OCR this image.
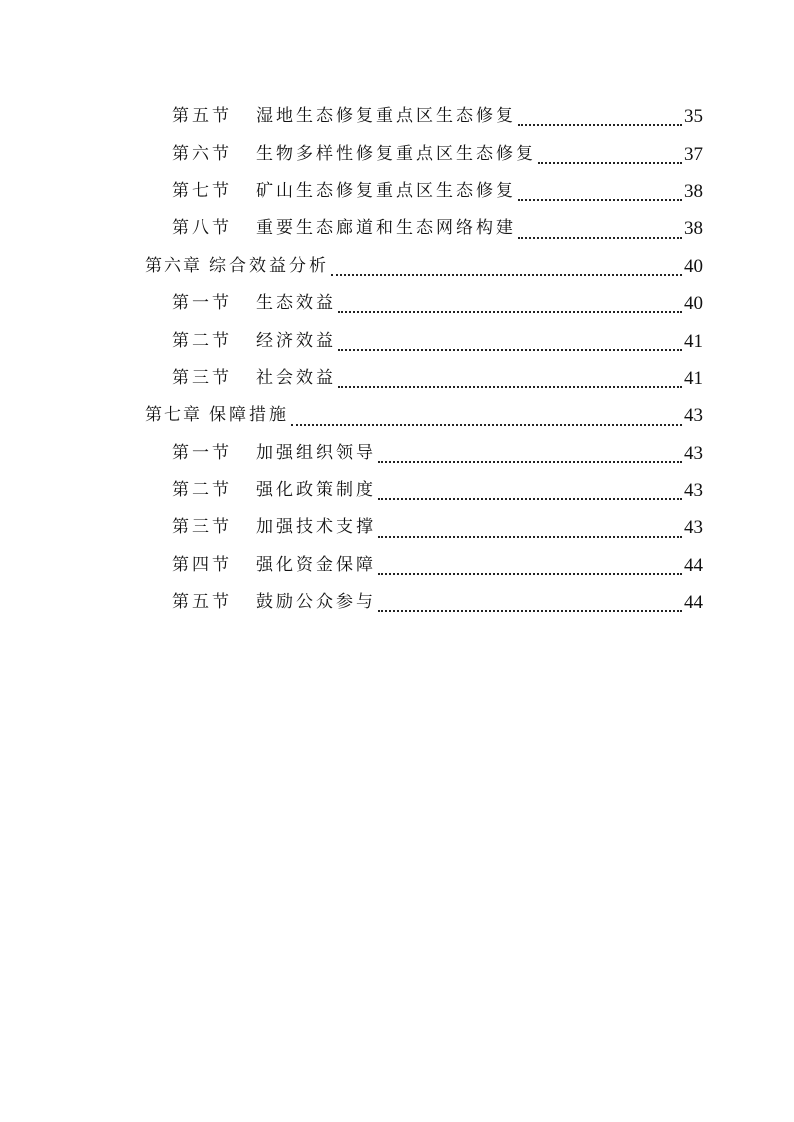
第五节	湿地生态修复重点区生态修复	35
第六节	生物多样性修复重点区生态修复	37
第七节	矿山生态修复重点区生态修复	38
第八节	重要生态廊道和生态网络构建	38
第六章 综合效益分析	40
第一节	生态效益	40
第二节	经济效益	41
第三节	社会效益	41
第七章 保障措施	43
第一节	加强组织领导	43
第二节	强化政策制度	43
第三节	加强技术支撑	43
第四节	强化资金保障	44
第五节	鼓励公众参与	44
